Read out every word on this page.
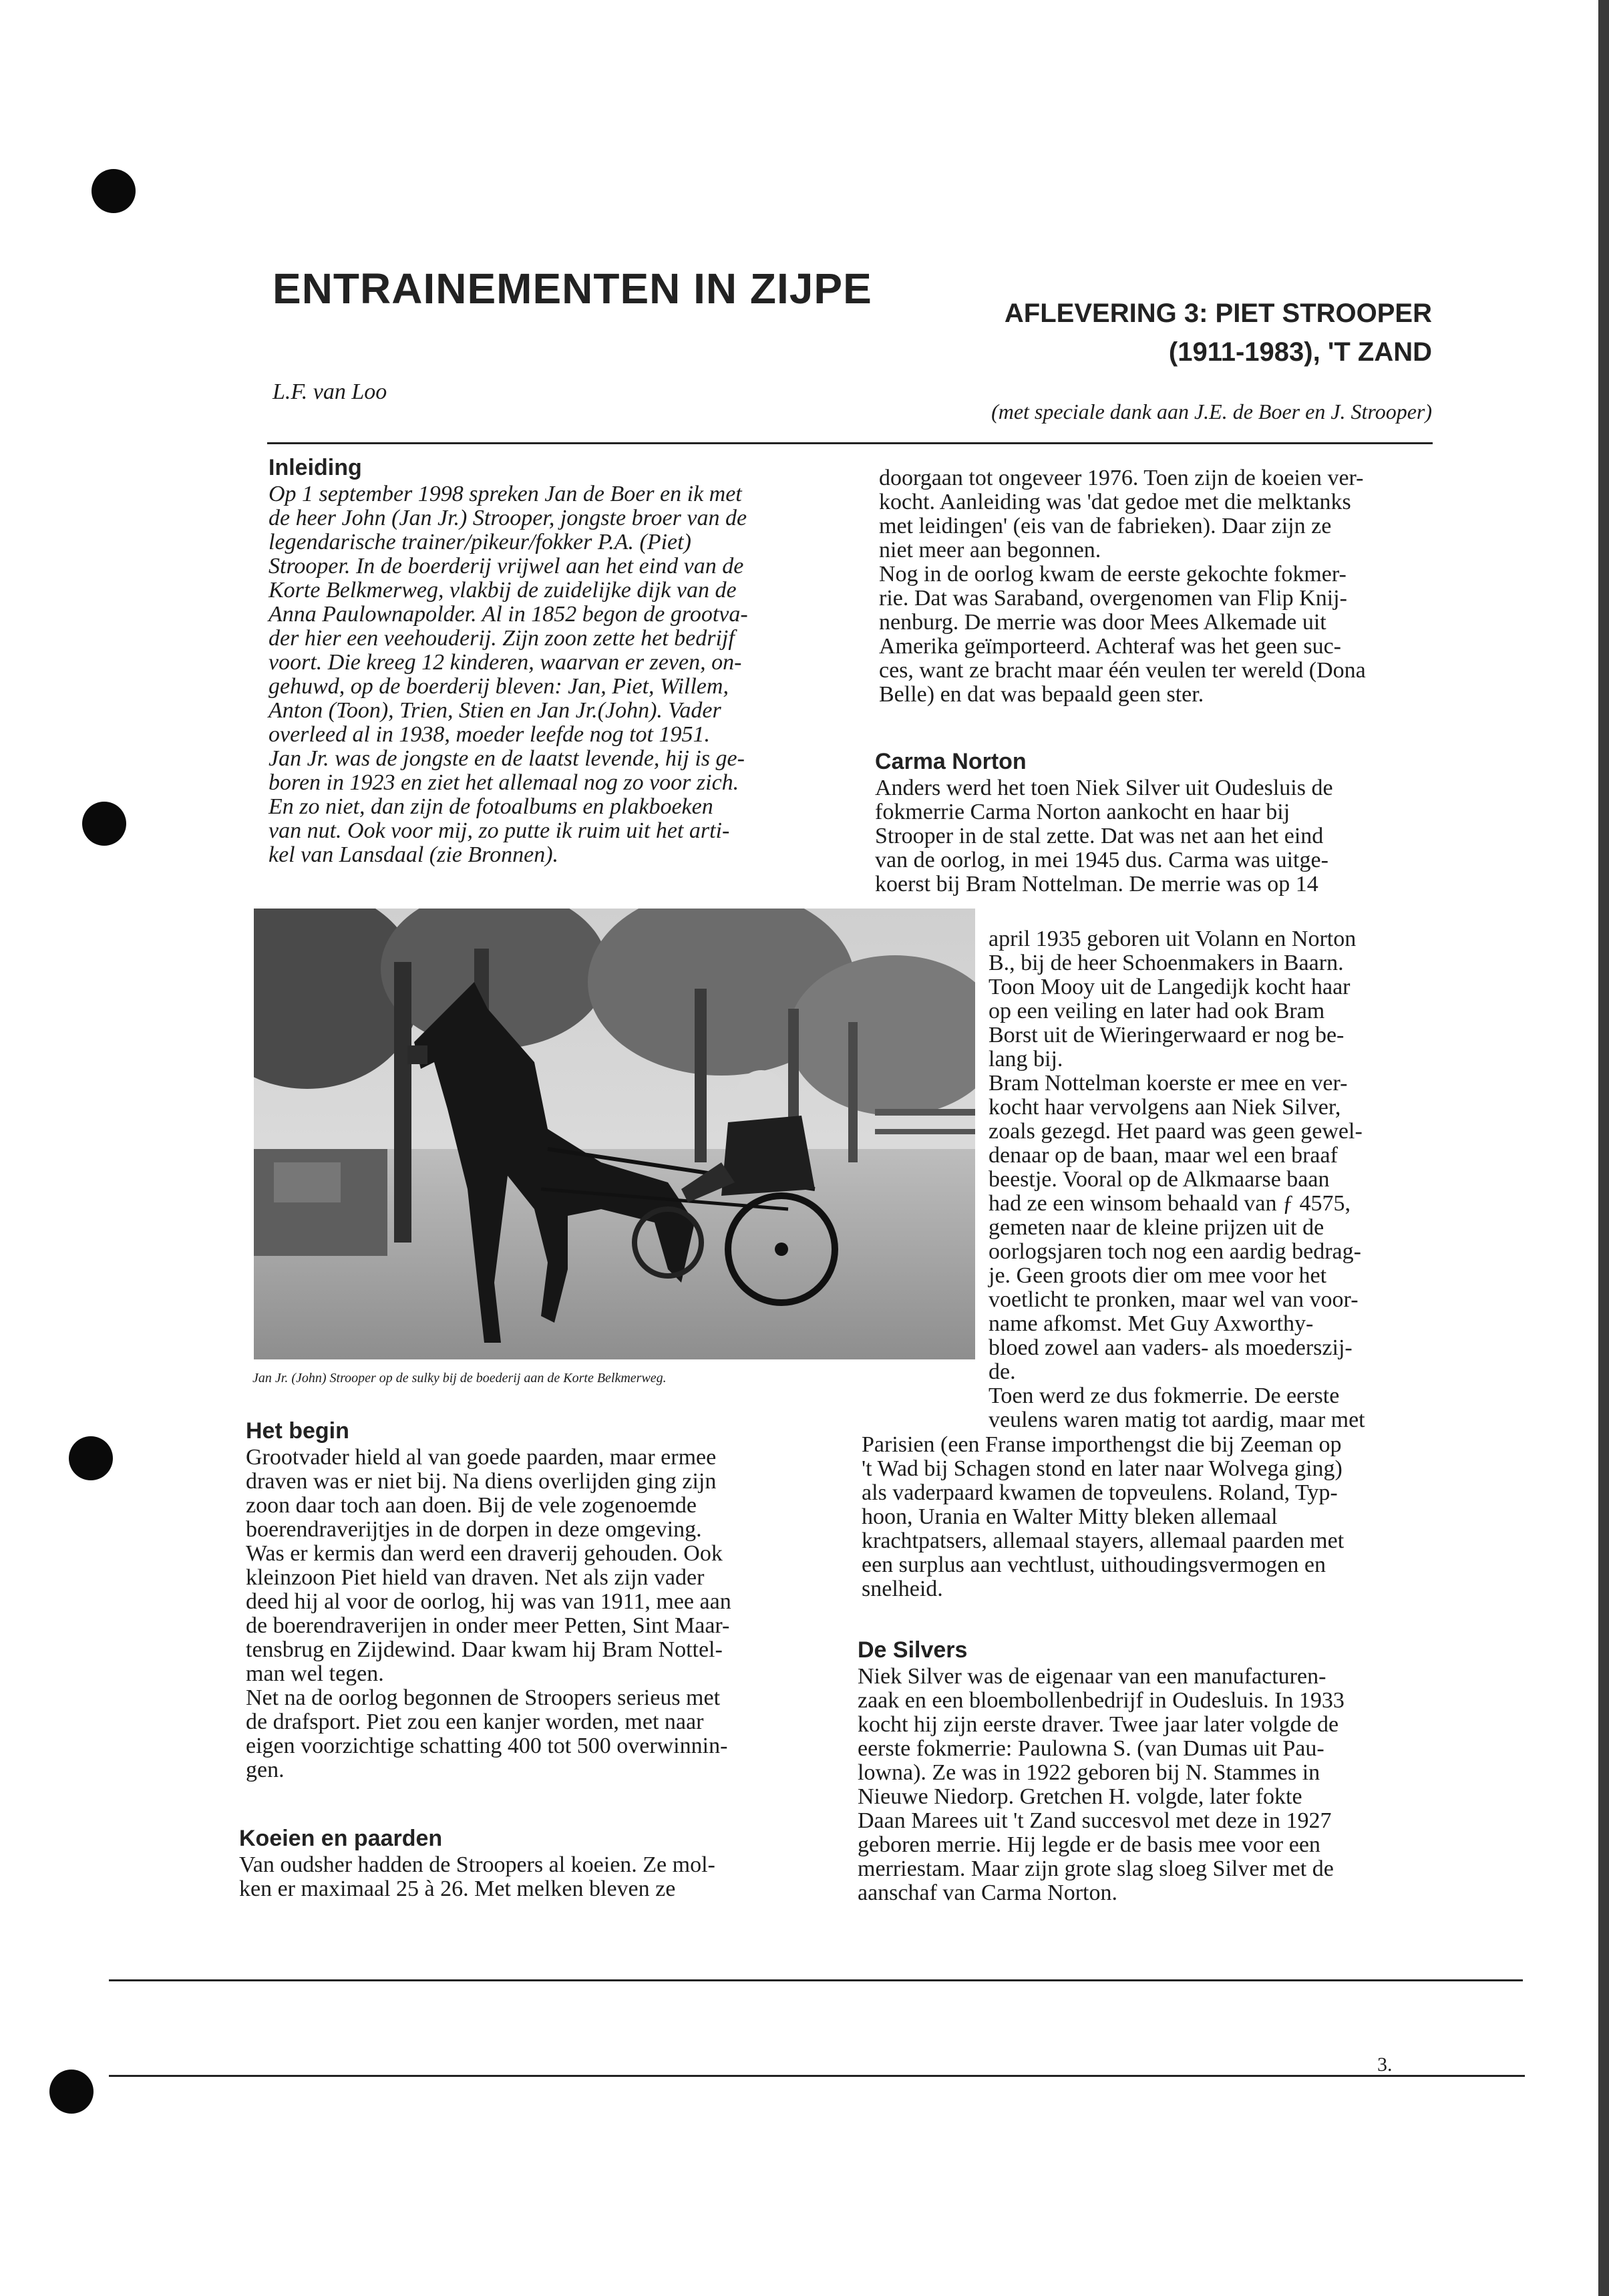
ENTRAINEMENTEN IN ZIJPE
AFLEVERING 3: PIET STROOPER
(1911-1983), 'T ZAND
L.F. van Loo
(met speciale dank aan J.E. de Boer en J. Strooper)
Inleiding

Op 1 september 1998 spreken Jan de Boer en ik met

de heer John (Jan Jr.) Strooper, jongste broer van de

legendarische trainer/pikeur/fokker P.A. (Piet)

Strooper. In de boerderij vrijwel aan het eind van de

Korte Belkmerweg, vlakbij de zuidelijke dijk van de

Anna Paulownapolder. Al in 1852 begon de grootva-

der hier een veehouderij. Zijn zoon zette het bedrijf

voort. Die kreeg 12 kinderen, waarvan er zeven, on-

gehuwd, op de boerderij bleven: Jan, Piet, Willem,

Anton (Toon), Trien, Stien en Jan Jr.(John). Vader

overleed al in 1938, moeder leefde nog tot 1951.

Jan Jr. was de jongste en de laatst levende, hij is ge-

boren in 1923 en ziet het allemaal nog zo voor zich.

En zo niet, dan zijn de fotoalbums en plakboeken

van nut. Ook voor mij, zo putte ik ruim uit het arti-

kel van Lansdaal (zie Bronnen).

Jan Jr. (John) Strooper op de sulky bij de boederij aan de Korte Belkmerweg.
Het begin

Grootvader hield al van goede paarden, maar ermee

draven was er niet bij. Na diens overlijden ging zijn

zoon daar toch aan doen. Bij de vele zogenoemde

boerendraverijtjes in de dorpen in deze omgeving.

Was er kermis dan werd een draverij gehouden. Ook

kleinzoon Piet hield van draven. Net als zijn vader

deed hij al voor de oorlog, hij was van 1911, mee aan

de boerendraverijen in onder meer Petten, Sint Maar-

tensbrug en Zijdewind. Daar kwam hij Bram Nottel-

man wel tegen.

Net na de oorlog begonnen de Stroopers serieus met

de drafsport. Piet zou een kanjer worden, met naar

eigen voorzichtige schatting 400 tot 500 overwinnin-

gen.

Koeien en paarden

Van oudsher hadden de Stroopers al koeien. Ze mol-

ken er maximaal 25 à 26. Met melken bleven ze

doorgaan tot ongeveer 1976. Toen zijn de koeien ver-

kocht. Aanleiding was 'dat gedoe met die melktanks

met leidingen' (eis van de fabrieken). Daar zijn ze

niet meer aan begonnen.

Nog in de oorlog kwam de eerste gekochte fokmer-

rie. Dat was Saraband, overgenomen van Flip Knij-

nenburg. De merrie was door Mees Alkemade uit

Amerika geïmporteerd. Achteraf was het geen suc-

ces, want ze bracht maar één veulen ter wereld (Dona

Belle) en dat was bepaald geen ster.

Carma Norton

Anders werd het toen Niek Silver uit Oudesluis de

fokmerrie Carma Norton aankocht en haar bij

Strooper in de stal zette. Dat was net aan het eind

van de oorlog, in mei 1945 dus. Carma was uitge-

koerst bij Bram Nottelman. De merrie was op 14

april 1935 geboren uit Volann en Norton

B., bij de heer Schoenmakers in Baarn.

Toon Mooy uit de Langedijk kocht haar

op een veiling en later had ook Bram

Borst uit de Wieringerwaard er nog be-

lang bij.

Bram Nottelman koerste er mee en ver-

kocht haar vervolgens aan Niek Silver,

zoals gezegd. Het paard was geen gewel-

denaar op de baan, maar wel een braaf

beestje. Vooral op de Alkmaarse baan

had ze een winsom behaald van ƒ 4575,

gemeten naar de kleine prijzen uit de

oorlogsjaren toch nog een aardig bedrag-

je. Geen groots dier om mee voor het

voetlicht te pronken, maar wel van voor-

name afkomst. Met Guy Axworthy-

bloed zowel aan vaders- als moederszij-

de.

Toen werd ze dus fokmerrie. De eerste

veulens waren matig tot aardig, maar met

Parisien (een Franse importhengst die bij Zeeman op

't Wad bij Schagen stond en later naar Wolvega ging)

als vaderpaard kwamen de topveulens. Roland, Typ-

hoon, Urania en Walter Mitty bleken allemaal

krachtpatsers, allemaal stayers, allemaal paarden met

een surplus aan vechtlust, uithoudingsvermogen en

snelheid.

De Silvers

Niek Silver was de eigenaar van een manufacturen-

zaak en een bloembollenbedrijf in Oudesluis. In 1933

kocht hij zijn eerste draver. Twee jaar later volgde de

eerste fokmerrie: Paulowna S. (van Dumas uit Pau-

lowna). Ze was in 1922 geboren bij N. Stammes in

Nieuwe Niedorp. Gretchen H. volgde, later fokte

Daan Marees uit 't Zand succesvol met deze in 1927

geboren merrie. Hij legde er de basis mee voor een

merriestam. Maar zijn grote slag sloeg Silver met de

aanschaf van Carma Norton.

3.
